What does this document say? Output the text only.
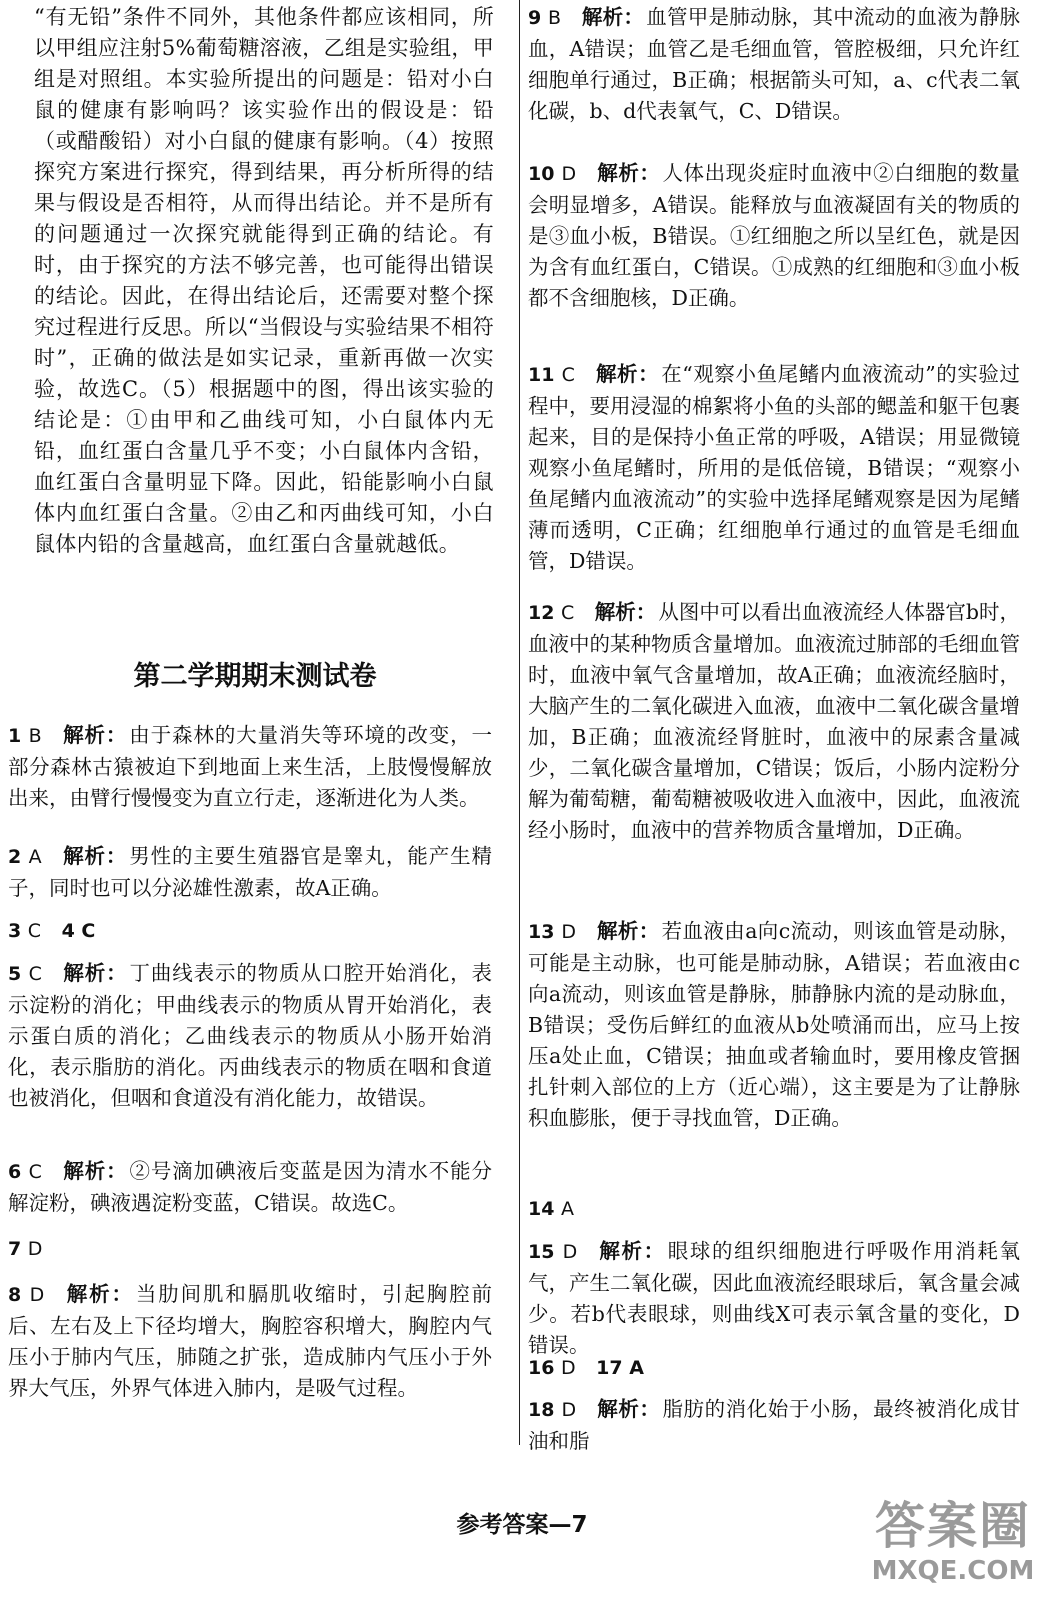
“有无铅”条件不同外，其他条件都应该相同，所以甲组应注射5%葡萄糖溶液，乙组是实验组，甲组是对照组。本实验所提出的问题是：铅对小白鼠的健康有影响吗？该实验作出的假设是：铅（或醋酸铅）对小白鼠的健康有影响。（4）按照探究方案进行探究，得到结果，再分析所得的结果与假设是否相符，从而得出结论。并不是所有的问题通过一次探究就能得到正确的结论。有时，由于探究的方法不够完善，也可能得出错误的结论。因此，在得出结论后，还需要对整个探究过程进行反思。所以“当假设与实验结果不相符时”，正确的做法是如实记录，重新再做一次实验，故选C。（5）根据题中的图，得出该实验的结论是：①由甲和乙曲线可知，小白鼠体内无铅，血红蛋白含量几乎不变；小白鼠体内含铅，血红蛋白含量明显下降。因此，铅能影响小白鼠体内血红蛋白含量。②由乙和丙曲线可知，小白鼠体内铅的含量越高，血红蛋白含量就越低。
第二学期期末测试卷
1 B 解析：由于森林的大量消失等环境的改变，一部分森林古猿被迫下到地面上来生活，上肢慢慢解放出来，由臂行慢慢变为直立行走，逐渐进化为人类。
2 A 解析：男性的主要生殖器官是睾丸，能产生精子，同时也可以分泌雄性激素，故A正确。
3 C 4 C
5 C 解析：丁曲线表示的物质从口腔开始消化，表示淀粉的消化；甲曲线表示的物质从胃开始消化，表示蛋白质的消化；乙曲线表示的物质从小肠开始消化，表示脂肪的消化。丙曲线表示的物质在咽和食道也被消化，但咽和食道没有消化能力，故错误。
6 C 解析：②号滴加碘液后变蓝是因为清水不能分解淀粉，碘液遇淀粉变蓝，C错误。故选C。
7 D
8 D 解析：当肋间肌和膈肌收缩时，引起胸腔前后、左右及上下径均增大，胸腔容积增大，胸腔内气压小于肺内气压，肺随之扩张，造成肺内气压小于外界大气压，外界气体进入肺内，是吸气过程。
9 B 解析：血管甲是肺动脉，其中流动的血液为静脉血，A错误；血管乙是毛细血管，管腔极细，只允许红细胞单行通过，B正确；根据箭头可知，a、c代表二氧化碳，b、d代表氧气，C、D错误。
10 D 解析：人体出现炎症时血液中②白细胞的数量会明显增多，A错误。能释放与血液凝固有关的物质的是③血小板，B错误。①红细胞之所以呈红色，就是因为含有血红蛋白，C错误。①成熟的红细胞和③血小板都不含细胞核，D正确。
11 C 解析：在“观察小鱼尾鳍内血液流动”的实验过程中，要用浸湿的棉絮将小鱼的头部的鳃盖和躯干包裹起来，目的是保持小鱼正常的呼吸，A错误；用显微镜观察小鱼尾鳍时，所用的是低倍镜，B错误；“观察小鱼尾鳍内血液流动”的实验中选择尾鳍观察是因为尾鳍薄而透明，C正确；红细胞单行通过的血管是毛细血管，D错误。
12 C 解析：从图中可以看出血液流经人体器官b时，血液中的某种物质含量增加。血液流过肺部的毛细血管时，血液中氧气含量增加，故A正确；血液流经脑时，大脑产生的二氧化碳进入血液，血液中二氧化碳含量增加，B正确；血液流经肾脏时，血液中的尿素含量减少，二氧化碳含量增加，C错误；饭后，小肠内淀粉分解为葡萄糖，葡萄糖被吸收进入血液中，因此，血液流经小肠时，血液中的营养物质含量增加，D正确。
13 D 解析：若血液由a向c流动，则该血管是动脉，可能是主动脉，也可能是肺动脉，A错误；若血液由c向a流动，则该血管是静脉，肺静脉内流的是动脉血，B错误；受伤后鲜红的血液从b处喷涌而出，应马上按压a处止血，C错误；抽血或者输血时，要用橡皮管捆扎针刺入部位的上方（近心端），这主要是为了让静脉积血膨胀，便于寻找血管，D正确。
14 A
15 D 解析：眼球的组织细胞进行呼吸作用消耗氧气，产生二氧化碳，因此血液流经眼球后，氧含量会减少。若b代表眼球，则曲线X可表示氧含量的变化，D错误。
16 D 17 A
18 D 解析：脂肪的消化始于小肠，最终被消化成甘油和脂
参考答案—7	答案圈
MXQE.COM
